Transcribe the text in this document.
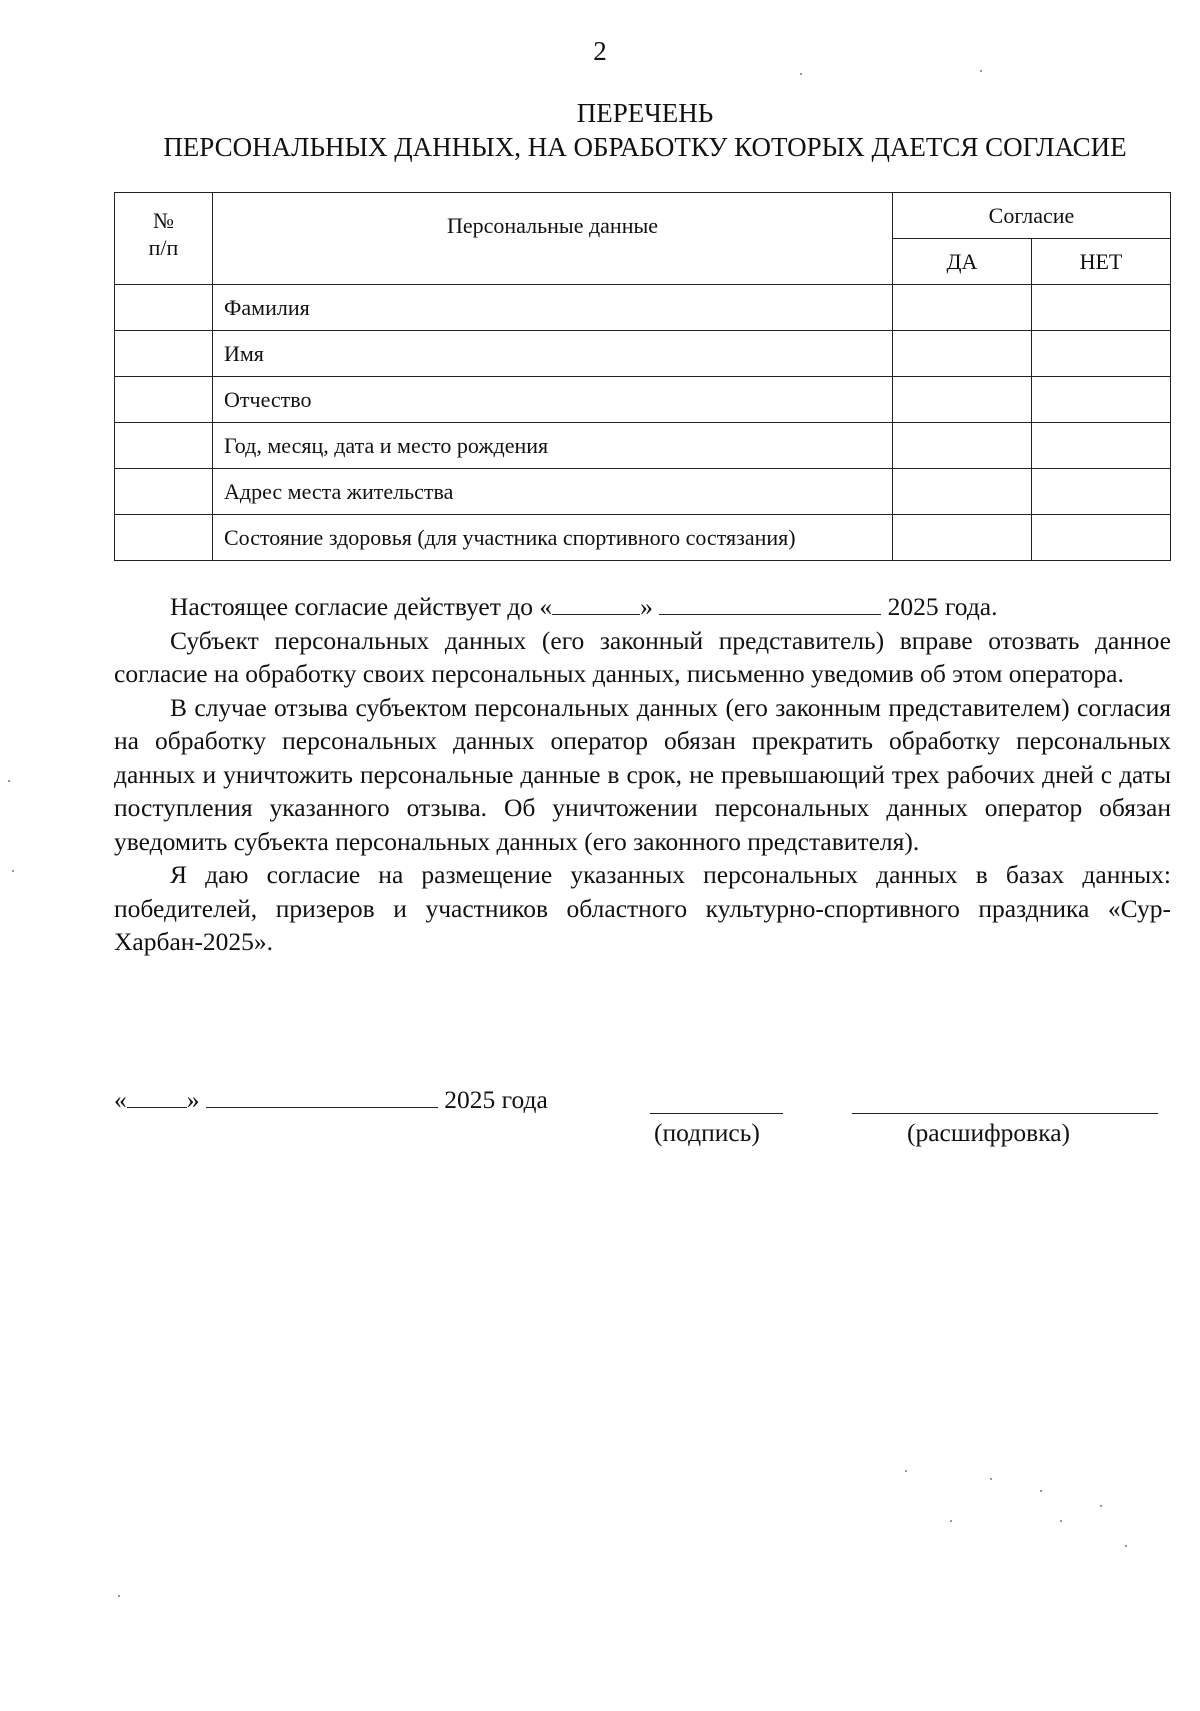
2
ПЕРЕЧЕНЬ
ПЕРСОНАЛЬНЫХ ДАННЫХ, НА ОБРАБОТКУ КОТОРЫХ ДАЕТСЯ СОГЛАСИЕ
№
п/п	Персональные данные	Согласие	
		ДА	НЕТ
	Фамилия		
	Имя		
	Отчество		
	Год, месяц, дата и место рождения		
	Адрес места жительства		
	Состояние здоровья (для участника спортивного состязания)		

Настоящее согласие действует до «	»	2025 года.

Субъект персональных данных (его законный представитель) вправе отозвать данное согласие на обработку своих персональных данных, письменно уведомив об этом оператора.

В случае отзыва субъектом персональных данных (его законным представителем) согласия на обработку персональных данных оператор обязан прекратить обработку персональных данных и уничтожить персональные данные в срок, не превышающий трех рабочих дней с даты поступления указанного отзыва. Об уничтожении персональных данных оператор обязан уведомить субъекта персональных данных (его законного представителя).

Я даю согласие на размещение указанных персональных данных в базах данных: победителей, призеров и участников областного культурно-спортивного праздника «Сур-Харбан-2025».

« »	2025 года
(подпись)	(расшифровка)
